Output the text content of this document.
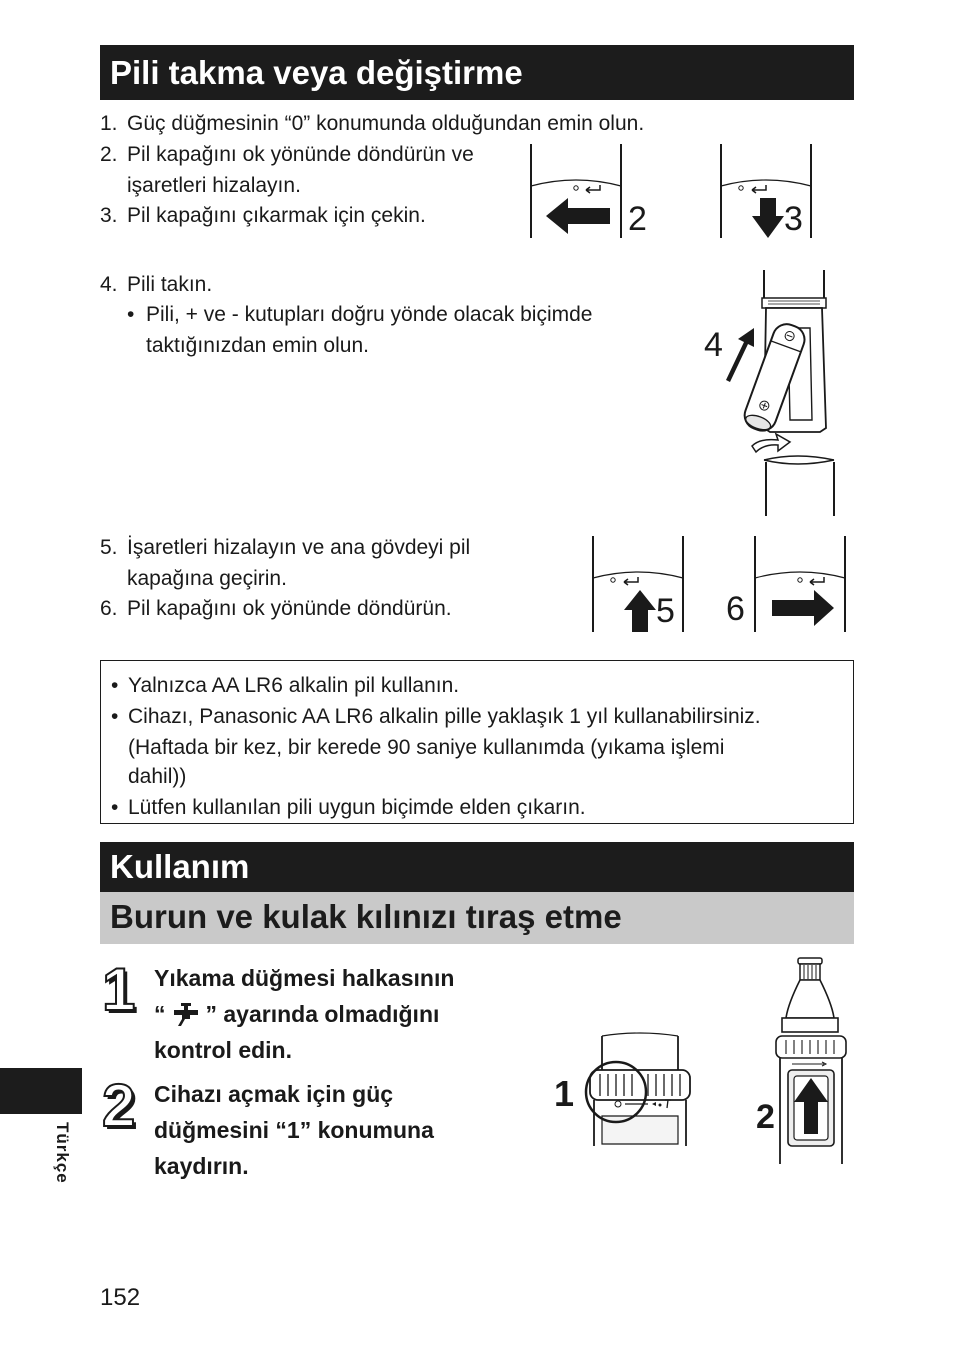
Pili takma veya değiştirme
1. Güç düğmesinin “0” konumunda olduğundan emin olun.
2. Pil kapağını ok yönünde döndürün ve
işaretleri hizalayın.
3. Pil kapağını çıkarmak için çekin.	2	3
4. Pili takın.
• Pili, + ve - kutupları doğru yönde olacak biçimde
taktığınızdan emin olun.	4
5. İşaretleri hizalayın ve ana gövdeyi pil
kapağına geçirin.
6. Pil kapağını ok yönünde döndürün.	5 6
• Yalnızca AA LR6 alkalin pil kullanın.
• Cihazı, Panasonic AA LR6 alkalin pille yaklaşık 1 yıl kullanabilirsiniz.
(Haftada bir kez, bir kerede 90 saniye kullanımda (yıkama işlemi
dahil))
• Lütfen kullanılan pili uygun biçimde elden çıkarın.
Kullanım
Burun ve kulak kılınızı tıraş etme
1 Yıkama düğmesi halkasının
“ ” ayarında olmadığını
kontrol edin.
2 Cihazı açmak için güç
düğmesini “1” konumuna
kaydırın.
1
2
Türkçe
152
